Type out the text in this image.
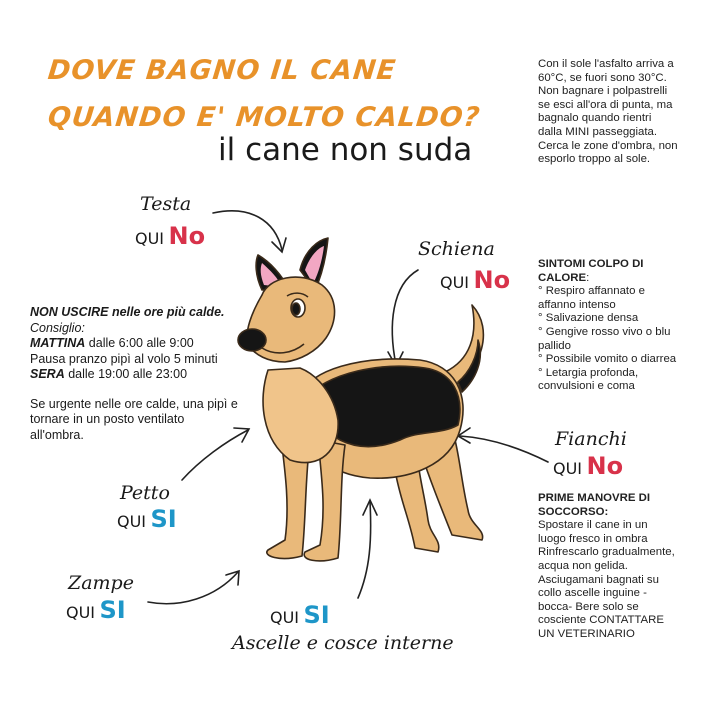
DOVE BAGNO IL CANE
QUANDO E' MOLTO CALDO?
il cane non suda
Con il sole l'asfalto arriva a 60°C, se fuori sono 30°C. Non bagnare i polpastrelli se esci all'ora di punta, ma bagnalo quando rientri dalla MINI passeggiata. Cerca le zone d'ombra, non esporlo troppo al sole.
SINTOMI COLPO DI CALORE:
° Respiro affannato e affanno intenso
° Salivazione densa
° Gengive rosso vivo o blu pallido
° Possibile vomito o diarrea
° Letargia profonda, convulsioni e coma
PRIME MANOVRE DI SOCCORSO:
Spostare il cane in un luogo fresco in ombra Rinfrescarlo gradualmente, acqua non gelida. Asciugamani bagnati su collo ascelle inguine -bocca- Bere solo se cosciente CONTATTARE UN VETERINARIO
NON USCIRE nelle ore più calde.
Consiglio:
MATTINA dalle 6:00 alle 9:00
Pausa pranzo pipì al volo 5 minuti
SERA dalle 19:00 alle 23:00
Se urgente nelle ore calde, una pipì e tornare in un posto ventilato all'ombra.
Testa
QUI No	Schiena
QUI No
Fianchi
QUI No
Petto
QUI SI
Zampe
QUI SI	QUI SI
Ascelle e cosce interne
